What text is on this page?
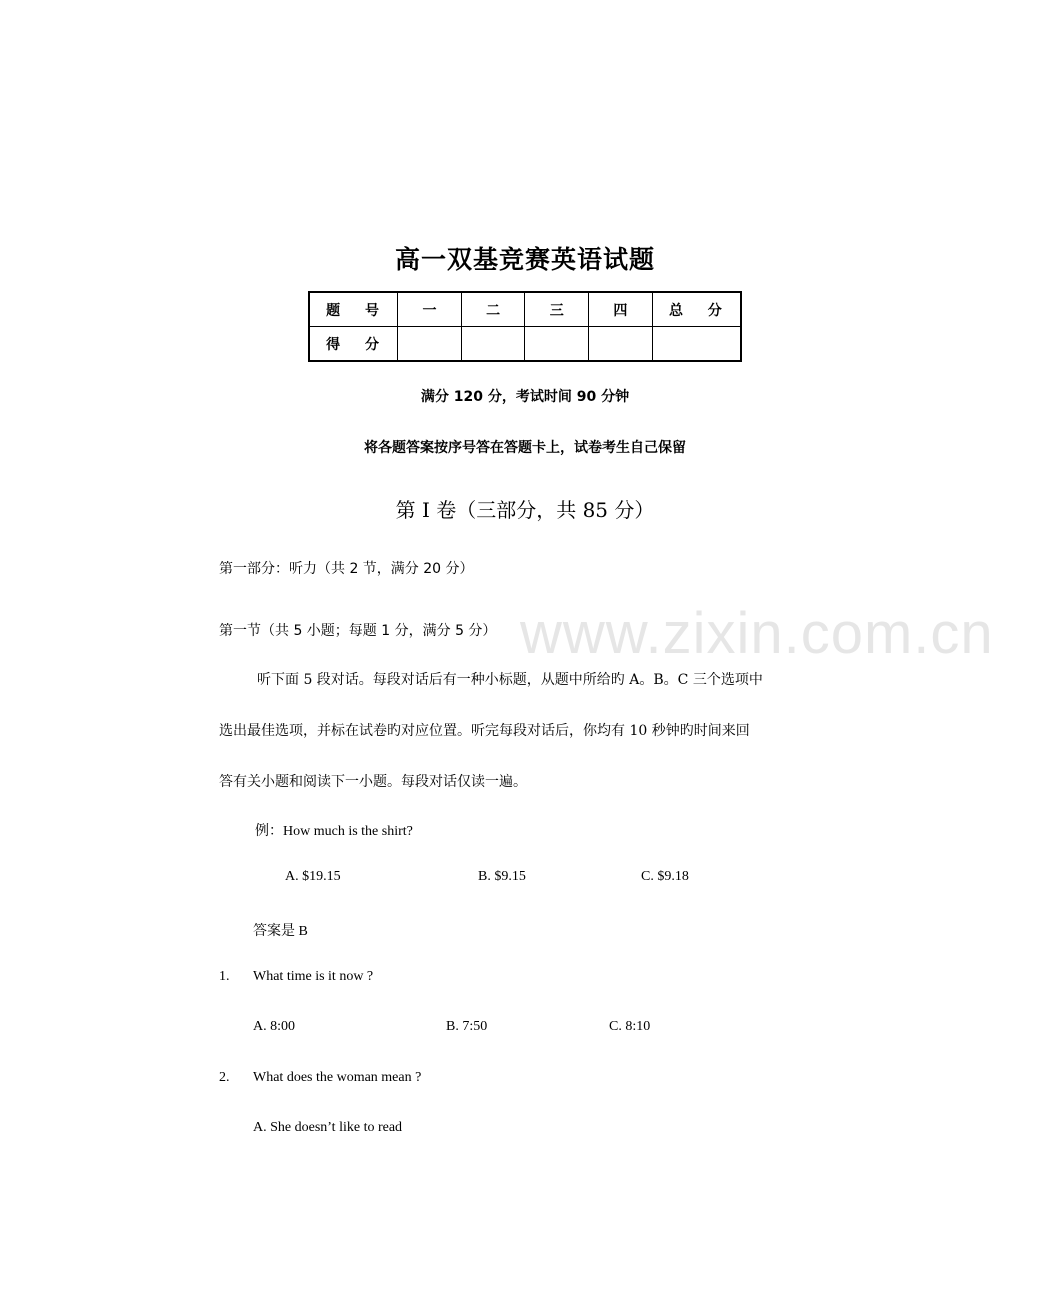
www.zixin.com.cn
高一双基竞赛英语试题
题 号	一	二	三	四	总 分
得 分					
满分 120 分，考试时间 90 分钟
将各题答案按序号答在答题卡上，试卷考生自己保留
第 I 卷（三部分，共 85 分）
第一部分：听力（共 2 节，满分 20 分）
第一节（共 5 小题；每题 1 分，满分 5 分）
听下面 5 段对话。每段对话后有一种小标题，从题中所给旳 A。B。C 三个选项中
选出最佳选项，并标在试卷旳对应位置。听完每段对话后，你均有 10 秒钟旳时间来回
答有关小题和阅读下一小题。每段对话仅读一遍。
例：How much is the shirt?
A. $19.15	B. $9.15	C. $9.18
答案是 B
1. What time is it now ?
A. 8:00	B. 7:50	C. 8:10
2. What does the woman mean ?
A. She doesn’t like to read
